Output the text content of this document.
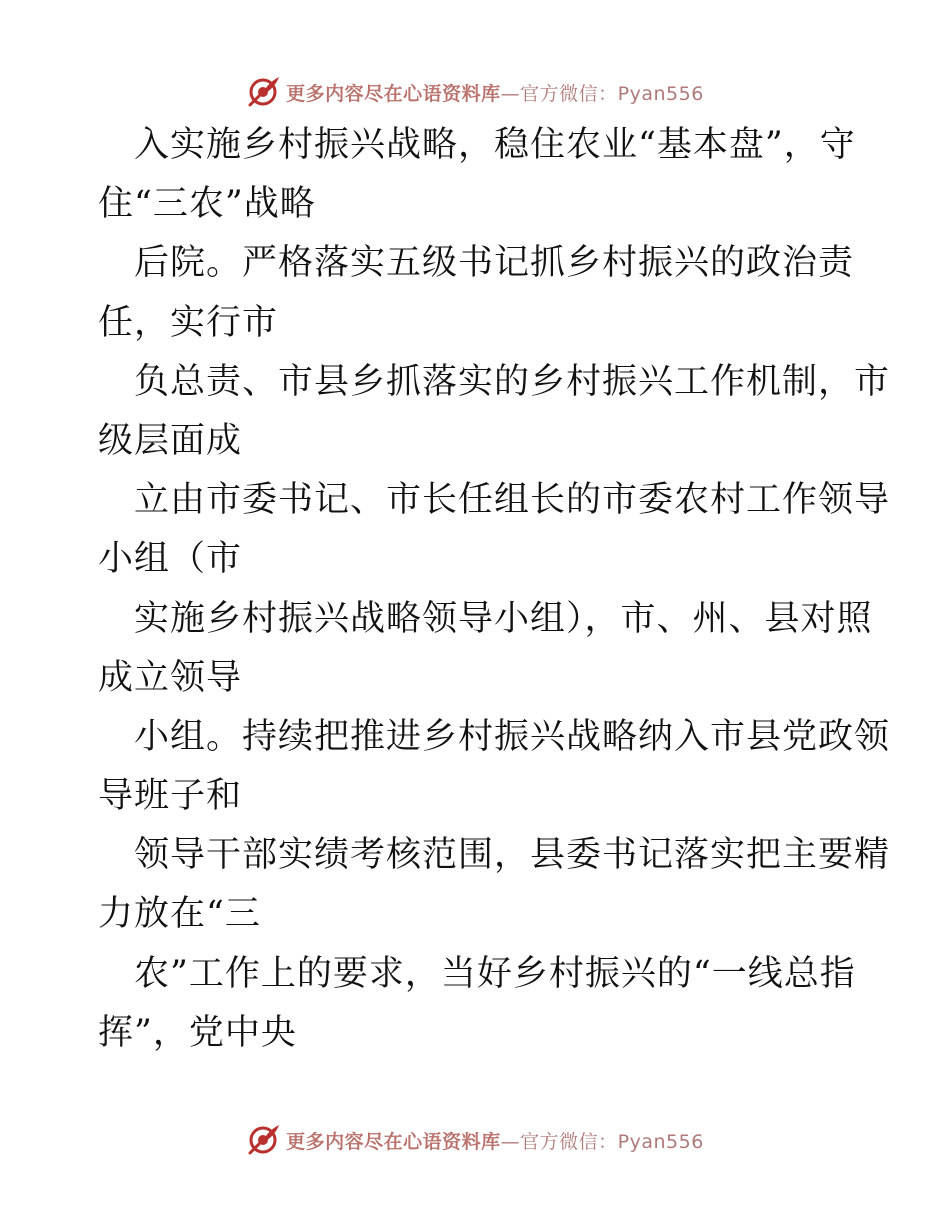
更多内容尽在心语资料库—官方微信：Pyan556
入实施乡村振兴战略，稳住农业“基本盘”，守
住“三农”战略
后院。严格落实五级书记抓乡村振兴的政治责
任，实行市
负总责、市县乡抓落实的乡村振兴工作机制，市
级层面成
立由市委书记、市长任组长的市委农村工作领导
小组（市
实施乡村振兴战略领导小组），市、州、县对照
成立领导
小组。持续把推进乡村振兴战略纳入市县党政领
导班子和
领导干部实绩考核范围，县委书记落实把主要精
力放在“三
农”工作上的要求，当好乡村振兴的“一线总指
挥”，党中央
更多内容尽在心语资料库—官方微信：Pyan556
